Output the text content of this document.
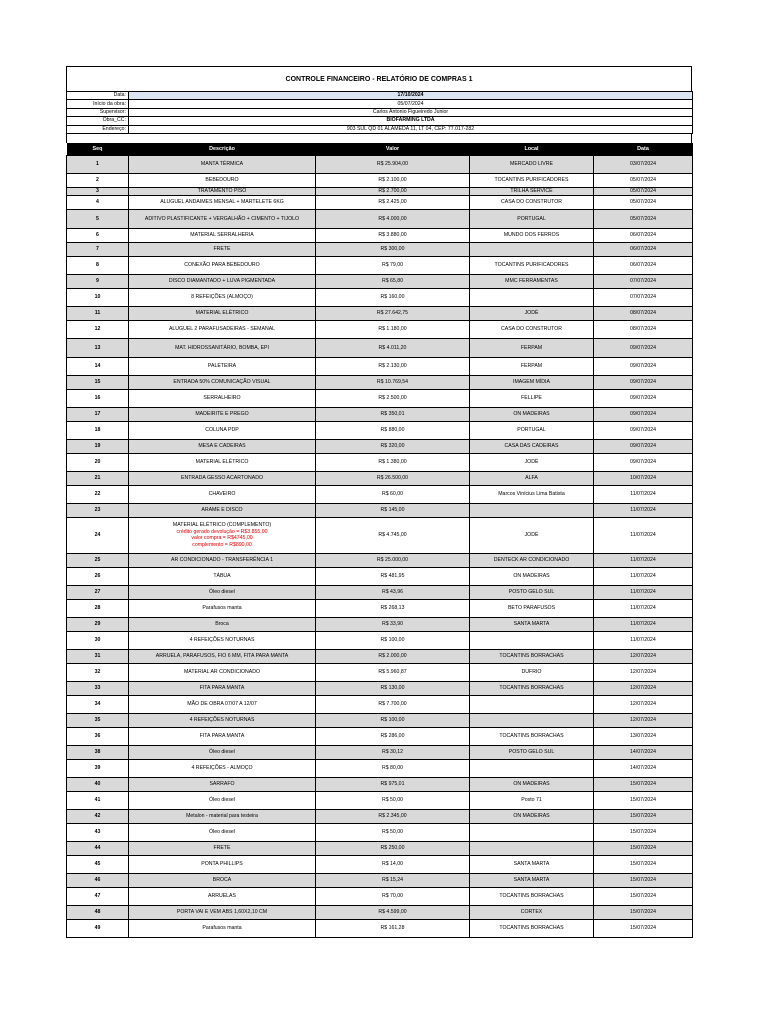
CONTROLE FINANCEIRO - RELATÓRIO DE COMPRAS 1
Data:	17/10/2024
Início da obra:	05/07/2024
Supervisor:	Carlos Antonio Figueiredo Junior
Obra_CC:	BIOFARMING LTDA
Endereço:	903 SUL QD 01 ALAMEDA 11, LT 04, CEP: 77.017-282
Seq	Descrição	Valor	Local	Data
1	MANTA TÉRMICA	R$ 25.904,00	MERCADO LIVRE	03/07/2024
2	BEBEDOURO	R$ 2.100,00	TOCANTINS PURIFICADORES	05/07/2024
3	TRATAMENTO PISO	R$ 2.700,00	TRILHA SERVICE	05/07/2024
4	ALUGUEL ANDAIMES MENSAL + MARTELETE 6KG	R$ 2.425,00	CASA DO CONSTRUTOR	05/07/2024
5	ADITIVO PLASTIFICANTE + VERGALHÃO + CIMENTO + TIJOLO	R$ 4.000,00	PORTUGAL	05/07/2024
6	MATERIAL SERRALHERIA	R$ 3.880,00	MUNDO DOS FERROS	06/07/2024
7	FRETE	R$ 300,00		06/07/2024
8	CONEXÃO PARA BEBEDOURO	R$ 79,00	TOCANTINS PURIFICADORES	06/07/2024
9	DISCO DIAMANTADO + LUVA PIGMENTADA	R$ 65,80	MMC FERRAMENTAS	07/07/2024
10	8 REFEIÇÕES (ALMOÇO)	R$ 160,00		07/07/2024
11	MATERIAL ELÉTRICO	R$ 27.642,75	JODÉ	08/07/2024
12	ALUGUEL 2 PARAFUSADEIRAS - SEMANAL	R$ 1.180,00	CASA DO CONSTRUTOR	08/07/2024
13	MAT. HIDROSSANITÁRIO, BOMBA, EPI	R$ 4.011,20	FERPAM	09/07/2024
14	PALETEIRA	R$ 2.130,00	FERPAM	09/07/2024
15	ENTRADA 50% COMUNICAÇÃO VISUAL	R$ 10.769,54	IMAGEM MÍDIA	09/07/2024
16	SERRALHEIRO	R$ 2.500,00	FELLIPE	09/07/2024
17	MADEIRITE E PREGO	R$ 350,01	ON MADEIRAS	09/07/2024
18	COLUNA PDP	R$ 880,00	PORTUGAL	09/07/2024
19	MESA E CADEIRAS	R$ 320,00	CASA DAS CADEIRAS	09/07/2024
20	MATERIAL ELÉTRICO	R$ 1.380,00	JODÉ	09/07/2024
21	ENTRADA GESSO ACARTONADO	R$ 26.500,00	ALFA	10/07/2024
22	CHAVEIRO	R$ 60,00	Marcos Vinícius Lima Batista	11/07/2024
23	ARAME E DISCO	R$ 145,00		11/07/2024
24	MATERIAL ELÉTRICO (COMPLEMENTO)
crédito gerado devolução = R$3.855,00
valor compra = R$4745,00
complemento = R$890,00	R$ 4.745,00	JODÉ	11/07/2024
25	AR CONDICIONADO - TRANSFERÊNCIA 1	R$ 25.000,00	DENTECK AR CONDICIONADO	11/07/2024
26	TÁBUA	R$ 481,95	ON MADEIRAS	11/07/2024
27	Óleo diesel	R$ 43,96	POSTO GELO SUL	11/07/2024
28	Parafusos manta	R$ 268,13	BETO PARAFUSOS	11/07/2024
29	Broca	R$ 33,90	SANTA MARTA	11/07/2024
30	4 REFEIÇÕES NOTURNAS	R$ 100,00		11/07/2024
31	ARRUELA, PARAFUSOS, FIO 6 MM, FITA PARA MANTA	R$ 2.000,00	TOCANTINS BORRACHAS	12/07/2024
32	MATERIAL AR CONDICIONADO	R$ 5.960,87	DUFRIO	12/07/2024
33	FITA PARA MANTA	R$ 130,00	TOCANTINS BORRACHAS	12/07/2024
34	MÃO DE OBRA 07/07 A 12/07	R$ 7.700,00		12/07/2024
35	4 REFEIÇÕES NOTURNAS	R$ 100,00		12/07/2024
36	FITA PARA MANTA	R$ 286,00	TOCANTINS BORRACHAS	13/07/2024
38	Óleo diesel	R$ 30,12	POSTO GELO SUL	14/07/2024
39	4 REFEIÇÕES - ALMOÇO	R$ 80,00		14/07/2024
40	SARRAFO	R$ 975,01	ON MADEIRAS	15/07/2024
41	Óleo diesel	R$ 50,00	Posto 71	15/07/2024
42	Metalon - material para testeira	R$ 2.345,00	ON MADEIRAS	15/07/2024
43	Óleo diesel	R$ 50,00		15/07/2024
44	FRETE	R$ 250,00		15/07/2024
45	PONTA PHILLIPS	R$ 14,00	SANTA MARTA	15/07/2024
46	BROCA	R$ 15,24	SANTA MARTA	15/07/2024
47	ARRUELAS	R$ 70,00	TOCANTINS BORRACHAS	15/07/2024
48	PORTA VAI E VEM ABS 1,60X2,10 CM	R$ 4.599,00	CORTEX	15/07/2024
49	Parafusos manta	R$ 161,28	TOCANTINS BORRACHAS	15/07/2024
